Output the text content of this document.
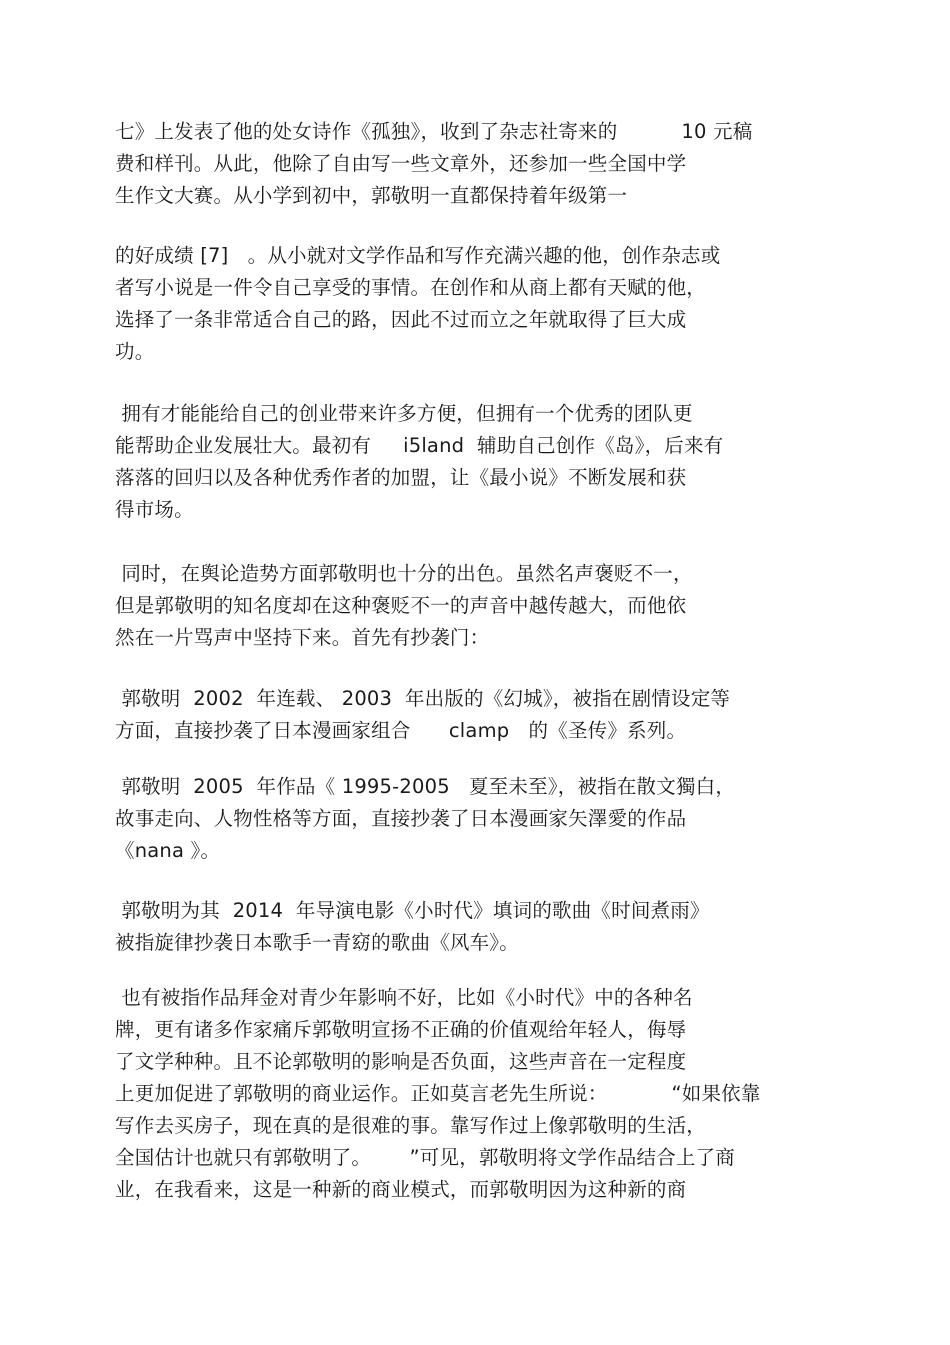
七》上发表了他的处女诗作《孤独》，收到了杂志社寄来的          10 元稿
费和样刊。从此，他除了自由写一些文章外，还参加一些全国中学
生作文大赛。从小学到初中，郭敬明一直都保持着年级第一
的好成绩 [7]   。从小就对文学作品和写作充满兴趣的他，创作杂志或
者写小说是一件令自己享受的事情。在创作和从商上都有天赋的他，
选择了一条非常适合自己的路，因此不过而立之年就取得了巨大成
功。
拥有才能能给自己的创业带来许多方便，但拥有一个优秀的团队更
能帮助企业发展壮大。最初有     i5land  辅助自己创作《岛》，后来有
落落的回归以及各种优秀作者的加盟，让《最小说》不断发展和获
得市场。
同时，在舆论造势方面郭敬明也十分的出色。虽然名声褒贬不一，
但是郭敬明的知名度却在这种褒贬不一的声音中越传越大，而他依
然在一片骂声中坚持下来。首先有抄袭门：
郭敬明  2002  年连载、 2003  年出版的《幻城》，被指在剧情设定等
方面，直接抄袭了日本漫画家组合      clamp   的《圣传》系列。
郭敬明  2005  年作品《 1995-2005   夏至未至》，被指在散文獨白，
故事走向、人物性格等方面，直接抄袭了日本漫画家矢澤愛的作品
《nana 》。
郭敬明为其  2014  年导演电影《小时代》填词的歌曲《时间煮雨》
被指旋律抄袭日本歌手一青窈的歌曲《风车》。
也有被指作品拜金对青少年影响不好，比如《小时代》中的各种名
牌，更有诸多作家痛斥郭敬明宣扬不正确的价值观给年轻人，侮辱
了文学种种。且不论郭敬明的影响是否负面，这些声音在一定程度
上更加促进了郭敬明的商业运作。正如莫言老先生所说：          “如果依靠
写作去买房子，现在真的是很难的事。靠写作过上像郭敬明的生活，
全国估计也就只有郭敬明了。      ”可见，郭敬明将文学作品结合上了商
业，在我看来，这是一种新的商业模式，而郭敬明因为这种新的商
